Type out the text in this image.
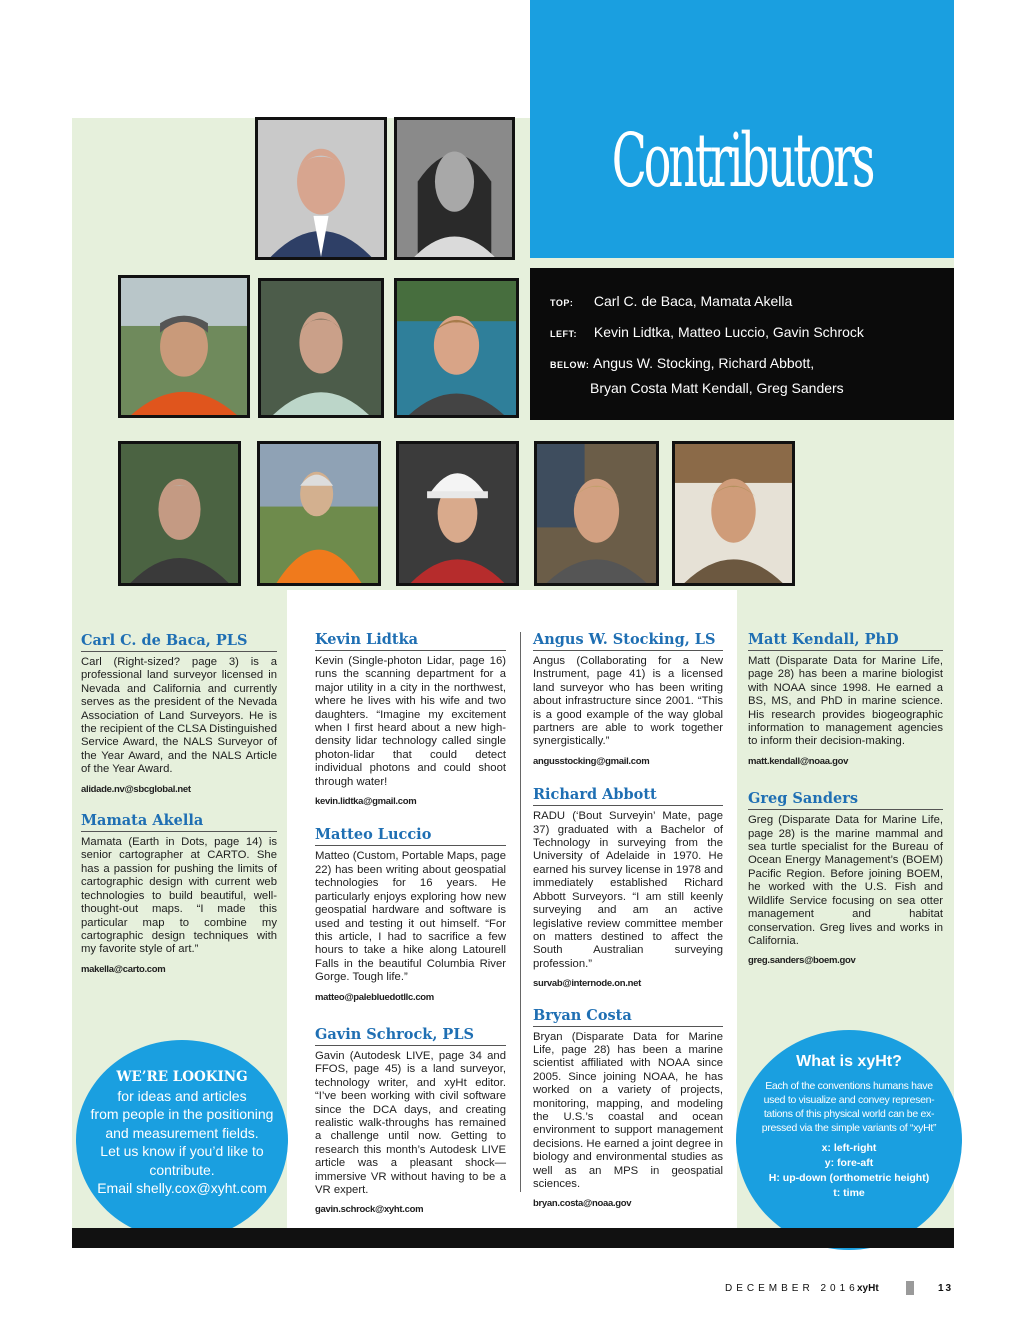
Contributors
TOP: Carl C. de Baca, Mamata Akella
LEFT: Kevin Lidtka, Matteo Luccio, Gavin Schrock
BELOW: Angus W. Stocking, Richard Abbott,
Bryan Costa Matt Kendall, Greg Sanders
Carl C. de Baca, PLS

Carl (Right-sized? page 3) is a professional land surveyor licensed in Nevada and California and currently serves as the president of the Nevada Association of Land Surveyors. He is the recipient of the CLSA Distinguished Service Award, the NALS Surveyor of the Year Award, and the NALS Article of the Year Award.

alidade.nv@sbcglobal.net
Mamata Akella

Mamata (Earth in Dots, page 14) is senior cartographer at CARTO. She has a passion for pushing the limits of cartographic design with current web technologies to build beautiful, well-thought-out maps. “I made this particular map to combine my cartographic design techniques with my favorite style of art.”

makella@carto.com
Kevin Lidtka

Kevin (Single-photon Lidar, page 16) runs the scanning department for a major utility in a city in the northwest, where he lives with his wife and two daughters. “Imagine my excitement when I first heard about a new high-density lidar technology called single photon-lidar that could detect individual photons and could shoot through water!

kevin.lidtka@gmail.com
Matteo Luccio

Matteo (Custom, Portable Maps, page 22) has been writing about geospatial technologies for 16 years. He particularly enjoys exploring how new geospatial hardware and software is used and testing it out himself. “For this article, I had to sacrifice a few hours to take a hike along Latourell Falls in the beautiful Columbia River Gorge. Tough life.”

matteo@palebluedotllc.com
Gavin Schrock, PLS

Gavin (Autodesk LIVE, page 34 and FFOS, page 45) is a land surveyor, technology writer, and xyHt editor. “I’ve been working with civil software since the DCA days, and creating realistic walk-throughs has remained a challenge until now. Getting to research this month’s Autodesk LIVE article was a pleasant shock—immersive VR without having to be a VR expert.

gavin.schrock@xyht.com
Angus W. Stocking, LS

Angus (Collaborating for a New Instrument, page 41) is a licensed land surveyor who has been writing about infrastructure since 2001. “This is a good example of the way global partners are able to work together synergistically.”

angusstocking@gmail.com
Richard Abbott

RADU (‘Bout Surveyin’ Mate, page 37) graduated with a Bachelor of Technology in surveying from the University of Adelaide in 1970. He earned his survey license in 1978 and immediately established Richard Abbott Surveyors. “I am still keenly surveying and am an active legislative review committee member on matters destined to affect the South Australian surveying profession.”

survab@internode.on.net
Bryan Costa

Bryan (Disparate Data for Marine Life, page 28) has been a marine scientist affiliated with NOAA since 2005. Since joining NOAA, he has worked on a variety of projects, monitoring, mapping, and modeling the U.S.’s coastal and ocean environment to support management decisions. He earned a joint degree in biology and environmental studies as well as an MPS in geospatial sciences.

bryan.costa@noaa.gov
Matt Kendall, PhD

Matt (Disparate Data for Marine Life, page 28) has been a marine biologist with NOAA since 1998. He earned a BS, MS, and PhD in marine science. His research provides biogeographic information to management agencies to inform their decision-making.

matt.kendall@noaa.gov
Greg Sanders

Greg (Disparate Data for Marine Life, page 28) is the marine mammal and sea turtle specialist for the Bureau of Ocean Energy Management’s (BOEM) Pacific Region. Before joining BOEM, he worked with the U.S. Fish and Wildlife Service focusing on sea otter management and habitat conservation. Greg lives and works in California.

greg.sanders@boem.gov
WE’RE LOOKING
for ideas and articles
from people in the positioning
and measurement fields.
Let us know if you’d like to
contribute.
Email shelly.cox@xyht.com
What is xyHt?
Each of the conventions humans have
used to visualize and convey represen-
tations of this physical world can be ex-
pressed via the simple variants of “xyHt”
x: left-right
y: fore-aft
H: up-down (orthometric height)
t: time
DECEMBER 2016
xyHt	13
